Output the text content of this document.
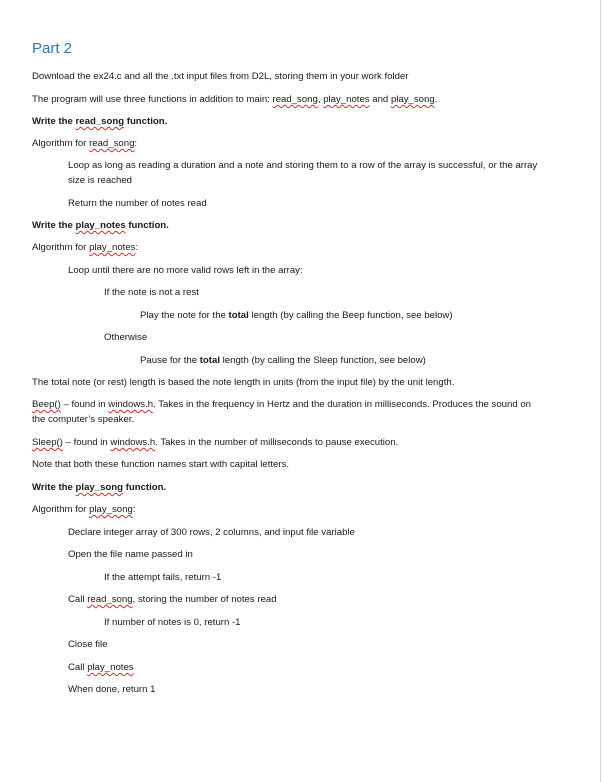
Part 2
Download the ex24.c and all the .txt input files from D2L, storing them in your work folder
The program will use three functions in addition to main: read_song, play_notes and play_song.
Write the read_song function.
Algorithm for read_song:
Loop as long as reading a duration and a note and storing them to a row of the array is successful, or the array
size is reached
Return the number of notes read
Write the play_notes function.
Algorithm for play_notes:
Loop until there are no more valid rows left in the array:
If the note is not a rest
Play the note for the total length (by calling the Beep function, see below)
Otherwise
Pause for the total length (by calling the Sleep function, see below)
The total note (or rest) length is based the note length in units (from the input file) by the unit length.
Beep() – found in windows.h. Takes in the frequency in Hertz and the duration in milliseconds. Produces the sound on
the computer’s speaker.
Sleep() – found in windows.h. Takes in the number of milliseconds to pause execution.
Note that both these function names start with capital letters.
Write the play_song function.
Algorithm for play_song:
Declare integer array of 300 rows, 2 columns, and input file variable
Open the file name passed in
If the attempt fails, return -1
Call read_song, storing the number of notes read
If number of notes is 0, return -1
Close file
Call play_notes
When done, return 1
